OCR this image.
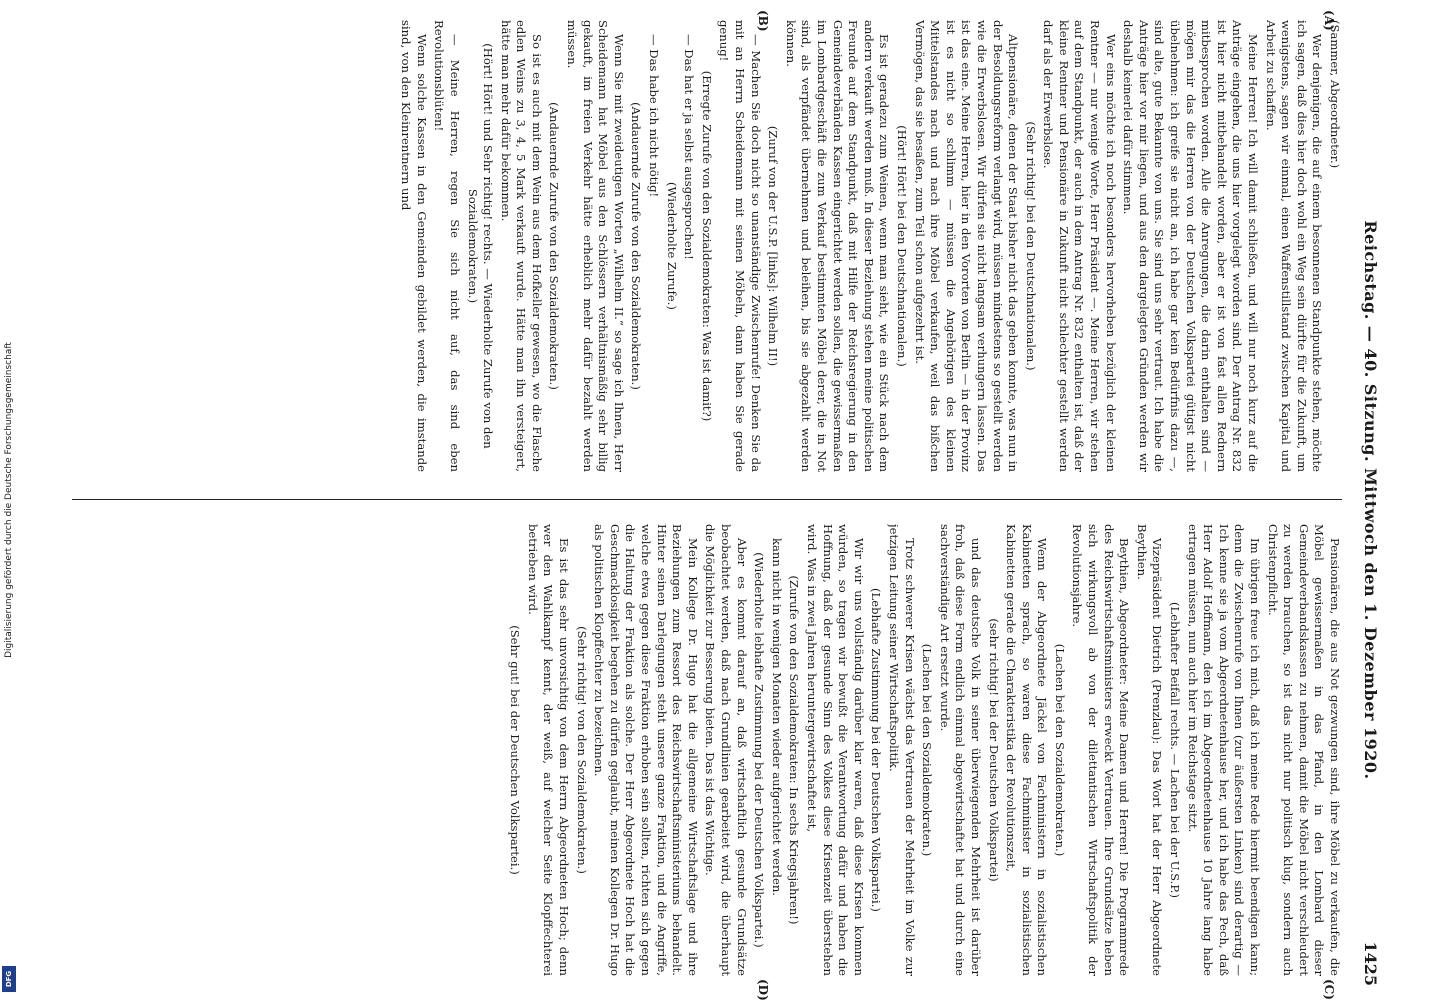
Digitalisierung gefördert durch die Deutsche Forschungsgemeinschaft
DFG
Reichstag. — 40. Sitzung. Mittwoch den 1. Dezember 1920.
1425
(A)
(B)
(C)
(D)

(Sammer, Abgeordneter.)

Wer denjenigen, die auf einem besonnenen Standpunkte stehen, möchte ich sagen, daß dies hier doch wohl ein Weg sein dürfte für die Zukunft, um wenigstens, sagen wir einmal, einen Waffenstillstand zwischen Kapital und Arbeit zu schaffen.

Meine Herren! Ich will damit schließen, und will nur noch kurz auf die Anträge eingehen, die uns hier vorgelegt worden sind. Der Antrag Nr. 832 ist hier nicht mitbehandelt worden, aber er ist von fast allen Rednern mitbesprochen worden. Alle die Anregungen, die darin enthalten sind — mögen mir das die Herren von der Deutschen Volkspartei gütigst nicht übelnehmen: ich greife sie nicht an, ich habe gar kein Bedürfnis dazu —, sind alte, gute Bekannte von uns. Sie sind uns sehr vertraut. Ich habe die Anträge hier vor mir liegen, und aus den dargelegten Gründen werden wir deshalb keinerlei dafür stimmen.

Wer eins möchte ich noch besonders hervorheben bezüglich der kleinen Rentner — nur wenige Worte, Herr Präsident —. Meine Herren, wir stehen auf dem Standpunkt, der auch in dem Antrag Nr. 832 enthalten ist, daß der kleine Rentner und Pensionäre in Zukunft nicht schlechter gestellt werden darf als der Erwerbslose.

(Sehr richtig! bei den Deutschnationalen.)

Altpensionäre, denen der Staat bisher nicht das geben konnte, was nun in der Besoldungsreform verlangt wird, müssen mindestens so gestellt werden wie die Erwerbslosen. Wir dürfen sie nicht langsam verhungern lassen. Das ist das eine. Meine Herren, hier in den Vororten von Berlin — in der Provinz ist es nicht so schlimm — müssen die Angehörigen des kleinen Mittelstandes nach und nach ihre Möbel verkaufen, weil das bißchen Vermögen, das sie besaßen, zum Teil schon aufgezehrt ist.

(Hört! Hört! bei den Deutschnationalen.)

Es ist geradezu zum Weinen, wenn man sieht, wie ein Stück nach dem andern verkauft werden muß. In dieser Beziehung stehen meine politischen Freunde auf dem Standpunkt, daß mit Hilfe der Reichsregierung in den Gemeindeverbänden Kassen eingerichtet werden sollen, die gewissermaßen im Lombardgeschäft die zum Verkauf bestimmten Möbel derer, die in Not sind, als verpfändet übernehmen und beleihen, bis sie abgezahlt werden können.

(Zuruf von der U.S.P. [links]: Wilhelm II!)

— Machen Sie doch nicht so unanständige Zwischenrufe! Denken Sie da mit an Herrn Scheidemann mit seinen Möbeln, dann haben Sie gerade genug!

(Erregte Zurufe von den Sozialdemokraten: Was ist damit?)

— Das hat er ja selbst ausgesprochen!

(Wiederholte Zurufe.)

— Das habe ich nicht nötig!

(Andauernde Zurufe von den Sozialdemokraten.)

Wenn Sie mit zweideutigen Worten „Wilhelm II.“ so sage ich Ihnen, Herr Scheidemann hat Möbel aus den Schlössern verhältnismäßig sehr billig gekauft, im freien Verkehr hätte erheblich mehr dafür bezahlt werden müssen.

(Andauernde Zurufe von den Sozialdemokraten.)

So ist es auch mit dem Wein aus dem Hofkeller gewesen, wo die Flasche edlen Weins zu 3, 4, 5 Mark verkauft wurde. Hätte man ihn versteigert, hätte man mehr dafür bekommen.

(Hört! Hört! und Sehr richtig! rechts. — Wiederholte Zurufe von den Sozialdemokraten.)

— Meine Herren, regen Sie sich nicht auf, das sind eben Revolutionsblüten!

Wenn solche Kassen in den Gemeinden gebildet werden, die imstande sind, von den Kleinrentnern und

Pensionären, die aus Not gezwungen sind, ihre Möbel zu verkaufen, die Möbel gewissermaßen in das Pfand, in den Lombard dieser Gemeindeverbandskassen zu nehmen, damit die Möbel nicht verschleudert zu werden brauchen, so ist das nicht nur politisch klug, sondern auch Christenpflicht.

Im übrigen freue ich mich, daß ich meine Rede hiermit beendigen kann; denn die Zwischenrufe von Ihnen (zur äußersten Linken) sind derartig — Ich kenne sie ja vom Abgeordnetenhause her, und ich habe das Pech, daß Herr Adolf Hoffmann, den ich im Abgeordnetenhause 10 Jahre lang habe ertragen müssen, nun auch hier im Reichstage sitzt.

(Lebhafter Beifall rechts. — Lachen bei der U.S.P.)

Vizepräsident Dietrich (Prenzlau): Das Wort hat der Herr Abgeordnete Beythien.

Beythien, Abgeordneter: Meine Damen und Herren! Die Programmrede des Reichswirtschaftsministers erweckt Vertrauen. Ihre Grundsätze heben sich wirkungsvoll ab von der dilettantischen Wirtschaftspolitik der Revolutionsjahre.

(Lachen bei den Sozialdemokraten.)

Wenn der Abgeordnete Jäckel von Fachministern in sozialistischen Kabinetten sprach, so waren diese Fachminister in sozialistischen Kabinetten gerade die Charakteristika der Revolutionszeit,

(sehr richtig! bei der Deutschen Volkspartei)

und das deutsche Volk in seiner überwiegenden Mehrheit ist darüber froh, daß diese Form endlich einmal abgewirtschaftet hat und durch eine sachverständige Art ersetzt wurde.

(Lachen bei den Sozialdemokraten.)

Trotz schwerer Krisen wächst das Vertrauen der Mehrheit im Volke zur jetzigen Leitung seiner Wirtschaftspolitik.

(Lebhafte Zustimmung bei der Deutschen Volkspartei.)

Wir wir uns vollständig darüber klar waren, daß diese Krisen kommen würden, so tragen wir bewußt die Verantwortung dafür und haben die Hoffnung, daß der gesunde Sinn des Volkes diese Krisenzeit überstehen wird. Was in zwei Jahren heruntergewirtschaftet ist,

(Zurufe von den Sozialdemokraten: In sechs Kriegsjahren!)

kann nicht in wenigen Monaten wieder aufgerichtet werden.

(Wiederholte lebhafte Zustimmung bei der Deutschen Volkspartei.)

Aber es kommt darauf an, daß wirtschaftlich gesunde Grundsätze beobachtet werden, daß nach Grundlinien gearbeitet wird, die überhaupt die Möglichkeit zur Besserung bieten. Das ist das Wichtige.

Mein Kollege Dr. Hugo hat die allgemeine Wirtschaftslage und ihre Beziehungen zum Ressort des Reichswirtschaftsministeriums behandelt. Hinter seinen Darlegungen steht unsere ganze Fraktion, und die Angriffe, welche etwa gegen diese Fraktion erhoben sein sollten, richten sich gegen die Haltung der Fraktion als solche. Der Herr Abgeordnete Hoch hat die Geschmacklosigkeit begehen zu dürfen geglaubt, meinen Kollegen Dr. Hugo als politischen Klopffechter zu bezeichnen.

(Sehr richtig! von den Sozialdemokraten.)

Es ist das sehr unvorsichtig von dem Herrn Abgeordneten Hoch; denn wer den Wahlkampf kennt, der weiß, auf welcher Seite Klopffechterei betrieben wird.

(Sehr gut! bei der Deutschen Volkspartei.)
